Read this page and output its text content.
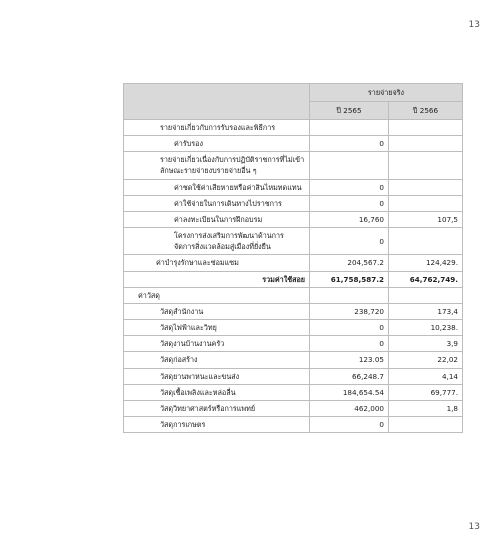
13
	รายจ่ายจริง	
	ปี 2565	ปี 2566
รายจ่ายเกี่ยวกับการรับรองและพิธีการ		
ค่ารับรอง	0	
รายจ่ายเกี่ยวเนื่องกับการปฏิบัติราชการที่ไม่เข้าลักษณะรายจ่ายงบรายจ่ายอื่น ๆ		
ค่าชดใช้ค่าเสียหายหรือค่าสินไหมทดแทน	0	
ค่าใช้จ่ายในการเดินทางไปราชการ	0	
ค่าลงทะเบียนในการฝึกอบรม	16,760	107,5
โครงการส่งเสริมการพัฒนาด้านการจัดการสิ่งแวดล้อมสู่เมืองที่ยั่งยืน	0	
ค่าบำรุงรักษาและซ่อมแซม	204,567.2	124,429.
รวมค่าใช้สอย	61,758,587.2	64,762,749.
ค่าวัสดุ		
วัสดุสำนักงาน	238,720	173,4
วัสดุไฟฟ้าและวิทยุ	0	10,238.
วัสดุงานบ้านงานครัว	0	3,9
วัสดุก่อสร้าง	123.05	22,02
วัสดุยานพาหนะและขนส่ง	66,248.7	4,14
วัสดุเชื้อเพลิงและหล่อลื่น	184,654.54	69,777.
วัสดุวิทยาศาสตร์หรือการแพทย์	462,000	1,8
วัสดุการเกษตร	0	
13
